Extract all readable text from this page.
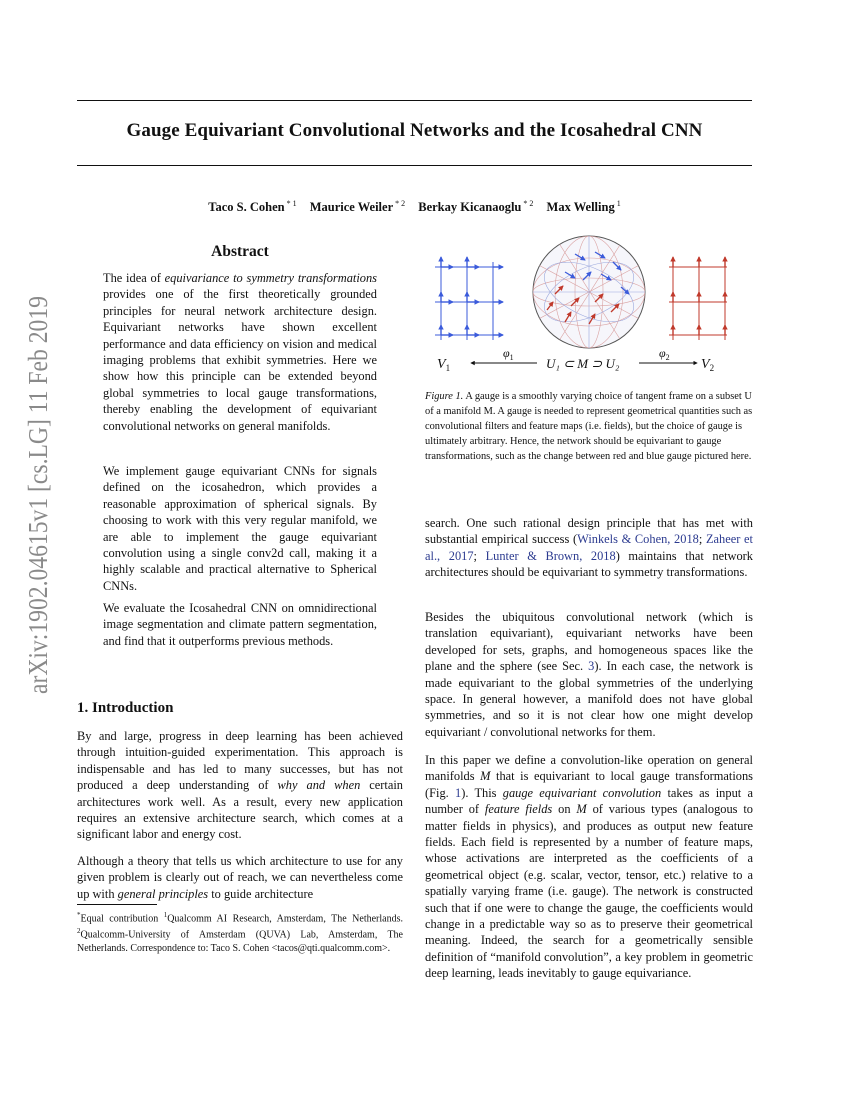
Gauge Equivariant Convolutional Networks and the Icosahedral CNN
Taco S. Cohen $^{* 1}$ Maurice Weiler $^{* 2}$ Berkay Kicanaoglu $^{* 2}$ Max Welling $^1$
arXiv:1902.04615v1 [cs.LG] 11 Feb 2019	Abstract
The idea of equivariance to symmetry transformations provides one of the first theoretically grounded principles for neural network architecture design. Equivariant networks have shown excellent performance and data efficiency on vision and medical imaging problems that exhibit symmetries. Here we show how this principle can be extended beyond global symmetries to local gauge transformations, thereby enabling the development of equivariant convolutional networks on general manifolds.
We implement gauge equivariant CNNs for signals defined on the icosahedron, which provides a reasonable approximation of spherical signals. By choosing to work with this very regular manifold, we are able to implement the gauge equivariant convolution using a single conv2d call, making it a highly scalable and practical alternative to Spherical CNNs.
We evaluate the Icosahedral CNN on omnidirectional image segmentation and climate pattern segmentation, and find that it outperforms previous methods.
1. Introduction
By and large, progress in deep learning has been achieved through intuition-guided experimentation. This approach is indispensable and has led to many successes, but has not produced a deep understanding of why and when certain architectures work well. As a result, every new application requires an extensive architecture search, which comes at a significant labor and energy cost.
Although a theory that tells us which architecture to use for any given problem is clearly out of reach, we can nevertheless come up with general principles to guide architecture
*Equal contribution $^1$Qualcomm AI Research, Amsterdam, The Netherlands. $^2$Qualcomm-University of Amsterdam (QUVA) Lab, Amsterdam, The Netherlands. Correspondence to: Taco S. Cohen <tacos@qti.qualcomm.com>.
$V_1$
$\varphi_1$ U₁ ⊂ M ⊃ U₂
$\varphi_2$ $V_2$
Figure 1. A gauge is a smoothly varying choice of tangent frame on a subset U of a manifold M. A gauge is needed to represent geometrical quantities such as convolutional filters and feature maps (i.e. fields), but the choice of gauge is ultimately arbitrary. Hence, the network should be equivariant to gauge transformations, such as the change between red and blue gauge pictured here.
search. One such rational design principle that has met with substantial empirical success (Winkels & Cohen, 2018; Zaheer et al., 2017; Lunter & Brown, 2018) maintains that network architectures should be equivariant to symmetry transformations.
Besides the ubiquitous convolutional network (which is translation equivariant), equivariant networks have been developed for sets, graphs, and homogeneous spaces like the plane and the sphere (see Sec. 3). In each case, the network is made equivariant to the global symmetries of the underlying space. In general however, a manifold does not have global symmetries, and so it is not clear how one might develop equivariant / convolutional networks for them.
In this paper we define a convolution-like operation on general manifolds M that is equivariant to local gauge transformations (Fig. 1). This gauge equivariant convolution takes as input a number of feature fields on M of various types (analogous to matter fields in physics), and produces as output new feature fields. Each field is represented by a number of feature maps, whose activations are interpreted as the coefficients of a geometrical object (e.g. scalar, vector, tensor, etc.) relative to a spatially varying frame (i.e. gauge). The network is constructed such that if one were to change the gauge, the coefficients would change in a predictable way so as to preserve their geometrical meaning. Indeed, the search for a geometrically sensible definition of “manifold convolution”, a key problem in geometric deep learning, leads inevitably to gauge equivariance.
